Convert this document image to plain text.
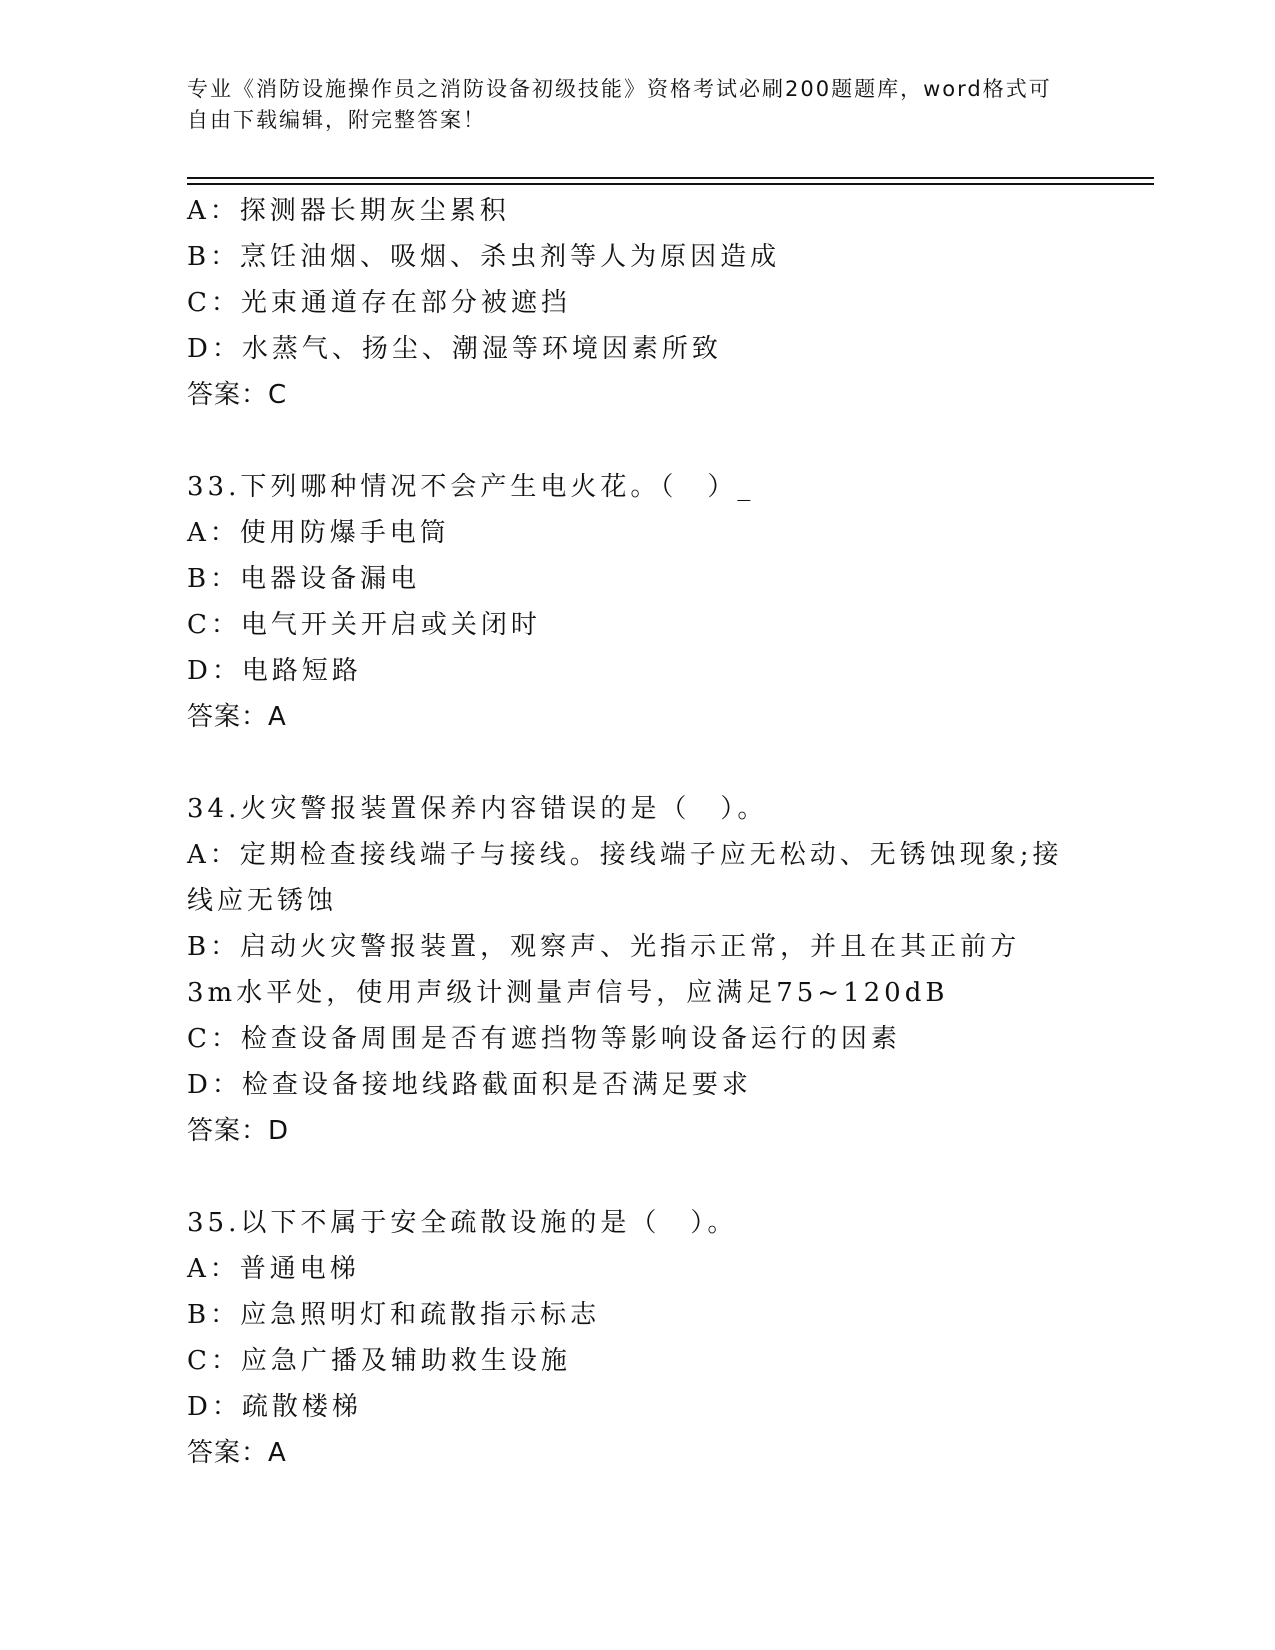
专业《消防设施操作员之消防设备初级技能》资格考试必刷200题题库，word格式可自由下载编辑，附完整答案！
A：探测器长期灰尘累积
B：烹饪油烟、吸烟、杀虫剂等人为原因造成
C：光束通道存在部分被遮挡
D：水蒸气、扬尘、潮湿等环境因素所致
答案：C
33.下列哪种情况不会产生电火花。（　）_
A：使用防爆手电筒
B：电器设备漏电
C：电气开关开启或关闭时
D：电路短路
答案：A
34.火灾警报装置保养内容错误的是（　）。
A：定期检查接线端子与接线。接线端子应无松动、无锈蚀现象;接线应无锈蚀
B：启动火灾警报装置，观察声、光指示正常，并且在其正前方3m水平处，使用声级计测量声信号，应满足75~120dB
C：检查设备周围是否有遮挡物等影响设备运行的因素
D：检查设备接地线路截面积是否满足要求
答案：D
35.以下不属于安全疏散设施的是（　）。
A：普通电梯
B：应急照明灯和疏散指示标志
C：应急广播及辅助救生设施
D：疏散楼梯
答案：A
